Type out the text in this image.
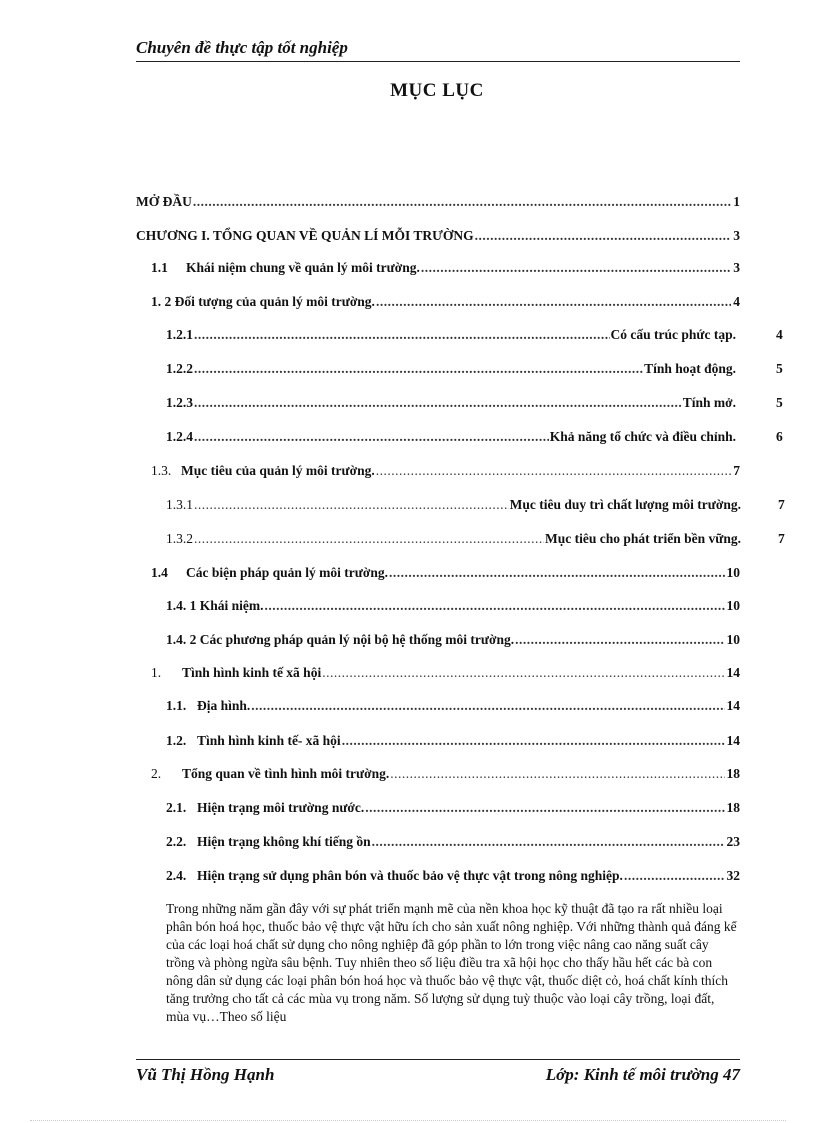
Chuyên đề thực tập tốt nghiệp
MỤC LỤC
MỞ ĐẦU .....	1
CHƯƠNG I. TỔNG QUAN VỀ QUẢN LÍ MỖI TRƯỜNG .....	3
1.1	Khái niệm chung về quản lý môi trường. .....	3
1. 2 Đối tượng của quản lý môi trường. .....	4
1.2.1 .....	Có cấu trúc phức tạp.	4
1.2.2 .....	Tính hoạt động.	5
1.2.3 .....	Tính mở.	5
1.2.4 .....	Khả năng tổ chức và điều chỉnh.	6
1.3. Mục tiêu của quản lý môi trường. .....	7
1.3.1 .....	Mục tiêu duy trì chất lượng môi trường.	7
1.3.2 .....	Mục tiêu cho phát triển bền vững.	7
1.4	Các biện pháp quản lý môi trường. .....	10
1.4. 1 Khái niệm. .....	10
1.4. 2 Các phương pháp quản lý nội bộ hệ thống môi trường. .....	10
1.	Tình hình kinh tế xã hội .....	14
1.1. Địa hình. .....	14
1.2. Tình hình kinh tế- xã hội .....	14
2.	Tổng quan về tình hình môi trường. .....	18
2.1. Hiện trạng môi trường nước. .....	18
2.2. Hiện trạng không khí tiếng ồn .....	23
2.4. Hiện trạng sử dụng phân bón và thuốc bảo vệ thực vật trong nông nghiệp. .....	32
Trong những năm gần đây với sự phát triển mạnh mẽ của nền khoa học kỹ thuật đã tạo ra rất nhiều loại phân bón hoá học, thuốc bảo vệ thực vật hữu ích cho sản xuất nông nghiệp. Với những thành quả đáng kể của các loại hoá chất sử dụng cho nông nghiệp đã góp phần to lớn trong việc nâng cao năng suất cây trồng và phòng ngừa sâu bệnh. Tuy nhiên theo số liệu điều tra xã hội học cho thấy hầu hết các bà con nông dân sử dụng các loại phân bón hoá học và thuốc bảo vệ thực vật, thuốc diệt cỏ, hoá chất kính thích tăng trưởng cho tất cả các mùa vụ trong năm. Số lượng sử dụng tuỳ thuộc vào loại cây trồng, loại đất, mùa vụ…Theo số liệu
Vũ Thị Hồng Hạnh	Lớp: Kinh tế môi trường 47
